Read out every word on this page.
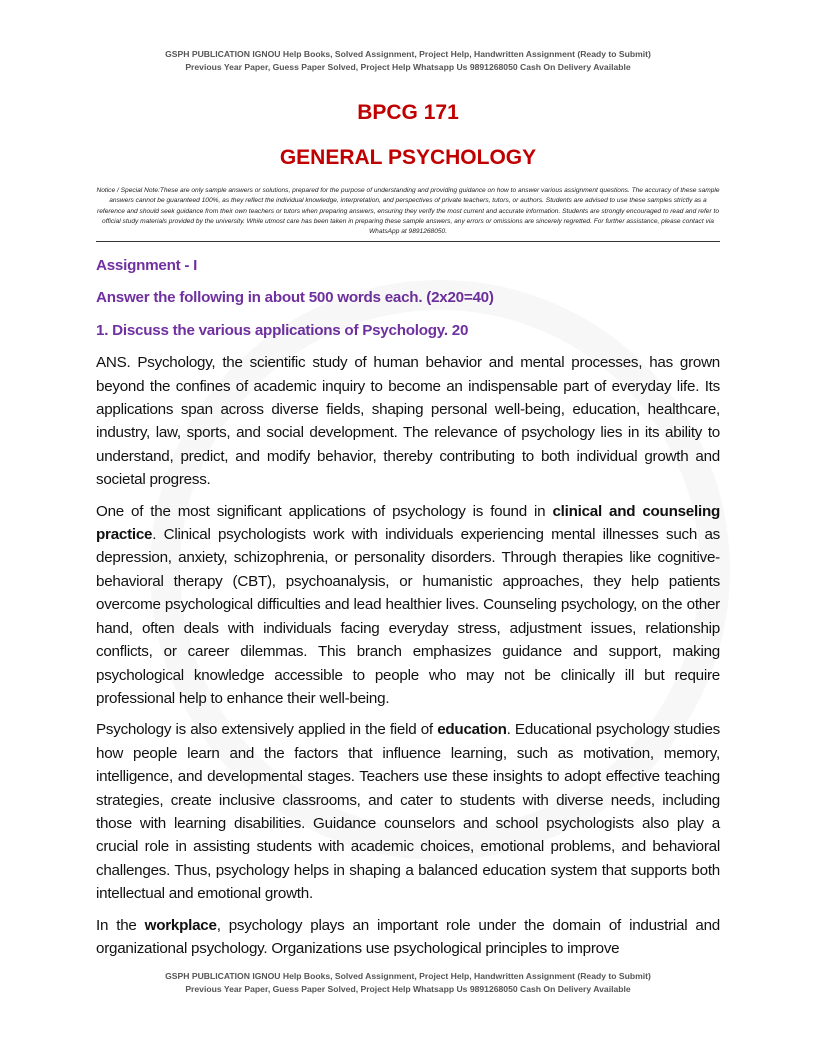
GSPH PUBLICATION IGNOU Help Books, Solved Assignment, Project Help, Handwritten Assignment (Ready to Submit)
Previous Year Paper, Guess Paper Solved, Project Help Whatsapp Us 9891268050 Cash On Delivery Available
BPCG 171
GENERAL PSYCHOLOGY
Notice / Special Note:These are only sample answers or solutions, prepared for the purpose of understanding and providing guidance on how to answer various assignment questions. The accuracy of these sample answers cannot be guaranteed 100%, as they reflect the individual knowledge, interpretation, and perspectives of private teachers, tutors, or authors. Students are advised to use these samples strictly as a reference and should seek guidance from their own teachers or tutors when preparing answers, ensuring they verify the most current and accurate information. Students are strongly encouraged to read and refer to official study materials provided by the university. While utmost care has been taken in preparing these sample answers, any errors or omissions are sincerely regretted. For further assistance, please contact via WhatsApp at 9891268050.
Assignment - I
Answer the following in about 500 words each. (2x20=40)
1. Discuss the various applications of Psychology. 20

ANS. Psychology, the scientific study of human behavior and mental processes, has grown beyond the confines of academic inquiry to become an indispensable part of everyday life. Its applications span across diverse fields, shaping personal well-being, education, healthcare, industry, law, sports, and social development. The relevance of psychology lies in its ability to understand, predict, and modify behavior, thereby contributing to both individual growth and societal progress.

One of the most significant applications of psychology is found in clinical and counseling practice. Clinical psychologists work with individuals experiencing mental illnesses such as depression, anxiety, schizophrenia, or personality disorders. Through therapies like cognitive-behavioral therapy (CBT), psychoanalysis, or humanistic approaches, they help patients overcome psychological difficulties and lead healthier lives. Counseling psychology, on the other hand, often deals with individuals facing everyday stress, adjustment issues, relationship conflicts, or career dilemmas. This branch emphasizes guidance and support, making psychological knowledge accessible to people who may not be clinically ill but require professional help to enhance their well-being.

Psychology is also extensively applied in the field of education. Educational psychology studies how people learn and the factors that influence learning, such as motivation, memory, intelligence, and developmental stages. Teachers use these insights to adopt effective teaching strategies, create inclusive classrooms, and cater to students with diverse needs, including those with learning disabilities. Guidance counselors and school psychologists also play a crucial role in assisting students with academic choices, emotional problems, and behavioral challenges. Thus, psychology helps in shaping a balanced education system that supports both intellectual and emotional growth.

In the workplace, psychology plays an important role under the domain of industrial and organizational psychology. Organizations use psychological principles to improve

GSPH PUBLICATION IGNOU Help Books, Solved Assignment, Project Help, Handwritten Assignment (Ready to Submit)
Previous Year Paper, Guess Paper Solved, Project Help Whatsapp Us 9891268050 Cash On Delivery Available
